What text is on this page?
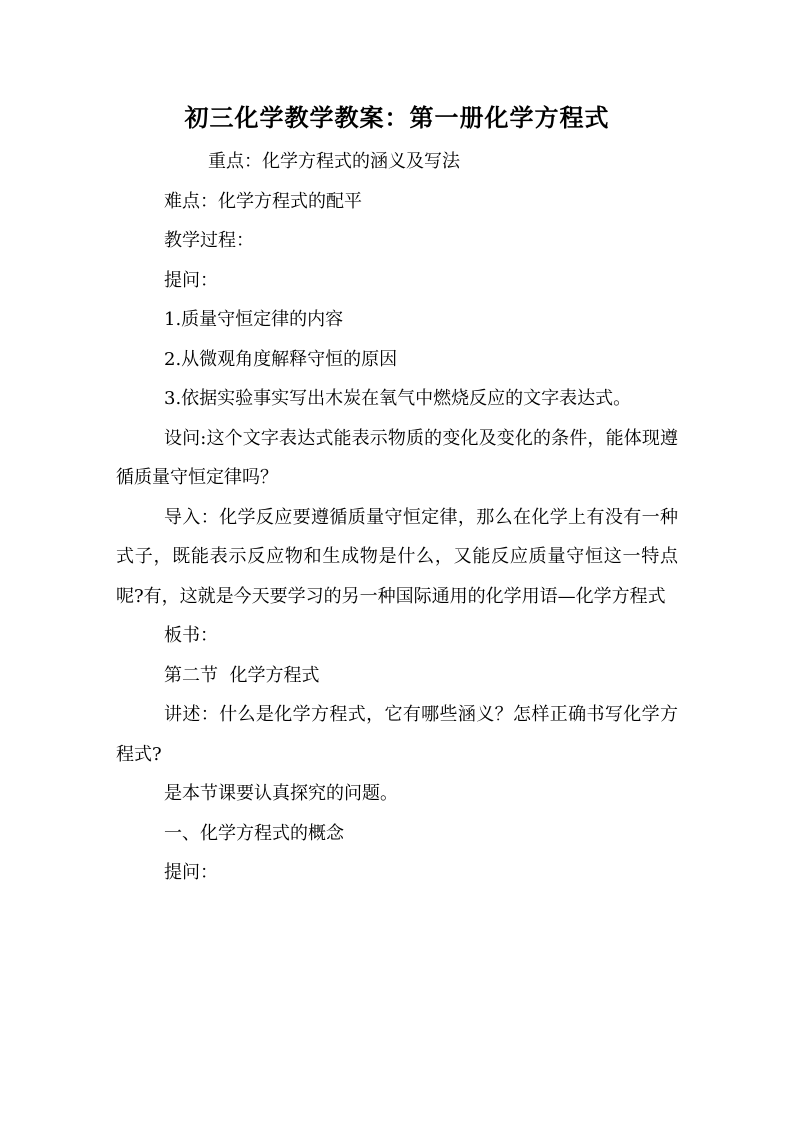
初三化学教学教案：第一册化学方程式

重点：化学方程式的涵义及写法

难点：化学方程式的配平

教学过程：

提问：

1.质量守恒定律的内容

2.从微观角度解释守恒的原因

3.依据实验事实写出木炭在氧气中燃烧反应的文字表达式。

设问:这个文字表达式能表示物质的变化及变化的条件，能体现遵循质量守恒定律吗？

导入：化学反应要遵循质量守恒定律，那么在化学上有没有一种式子，既能表示反应物和生成物是什么，又能反应质量守恒这一特点呢?有，这就是今天要学习的另一种国际通用的化学用语—化学方程式

板书：

第二节  化学方程式

讲述：什么是化学方程式，它有哪些涵义？怎样正确书写化学方程式?

是本节课要认真探究的问题。

一、化学方程式的概念

提问：
